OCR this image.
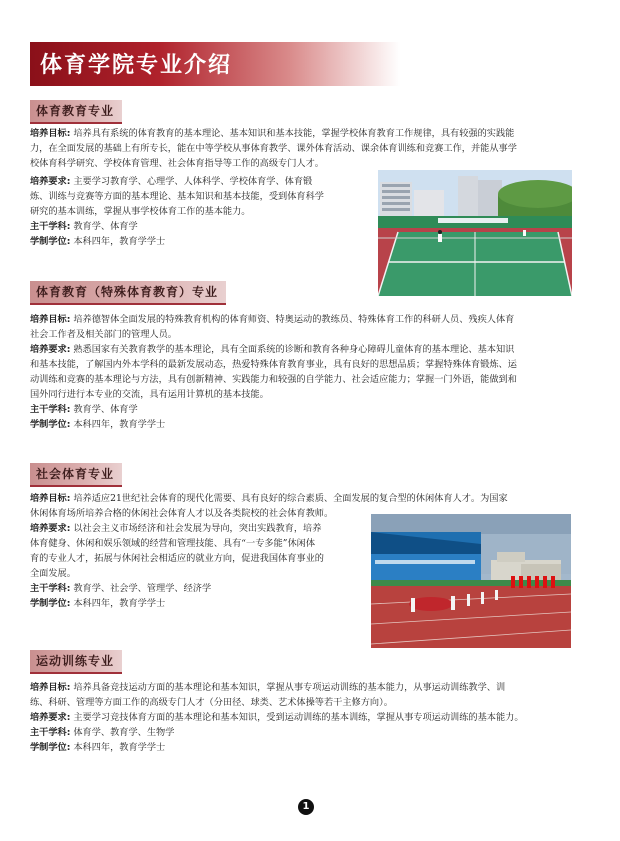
体育学院专业介绍
体育教育专业
培养目标: 培养具有系统的体育教育的基本理论、基本知识和基本技能，掌握学校体育教育工作规律，具有较强的实践能
力，在全面发展的基础上有所专长，能在中等学校从事体育教学、课外体育活动、课余体育训练和竞赛工作，并能从事学
校体育科学研究、学校体育管理、社会体育指导等工作的高级专门人才。
培养要求: 主要学习教育学、心理学、人体科学、学校体育学、体育锻
炼、训练与竞赛等方面的基本理论、基本知识和基本技能，受到体育科学
研究的基本训练，掌握从事学校体育工作的基本能力。
主干学科: 教育学、体育学
学制学位: 本科四年，教育学学士
体育教育（特殊体育教育）专业
培养目标: 培养德智体全面发展的特殊教育机构的体育师资、特奥运动的教练员、特殊体育工作的科研人员、残疾人体育
社会工作者及相关部门的管理人员。
培养要求: 熟悉国家有关教育教学的基本理论，具有全面系统的诊断和教育各种身心障碍儿童体育的基本理论、基本知识
和基本技能，了解国内外本学科的最新发展动态，热爱特殊体育教育事业，具有良好的思想品质；掌握特殊体育锻炼、运
动训练和竞赛的基本理论与方法，具有创新精神、实践能力和较强的自学能力、社会适应能力；掌握一门外语，能做到和
国外同行进行本专业的交流，具有运用计算机的基本技能。
主干学科: 教育学、体育学
学制学位: 本科四年，教育学学士
社会体育专业
培养目标: 培养适应21世纪社会体育的现代化需要、具有良好的综合素质、全面发展的复合型的休闲体育人才。为国家
休闲体育场所培养合格的休闲社会体育人才以及各类院校的社会体育教师。
培养要求: 以社会主义市场经济和社会发展为导向，突出实践教育，培养
体育健身、休闲和娱乐领域的经营和管理技能、具有“一专多能”休闲体
育的专业人才，拓展与休闲社会相适应的就业方向，促进我国体育事业的
全面发展。
主干学科: 教育学、社会学、管理学、经济学
学制学位: 本科四年，教育学学士
运动训练专业
培养目标: 培养具备竞技运动方面的基本理论和基本知识，掌握从事专项运动训练的基本能力，从事运动训练教学、训
练、科研、管理等方面工作的高级专门人才（分田径、球类、艺术体操等若干主修方向）。
培养要求: 主要学习竞技体育方面的基本理论和基本知识，受到运动训练的基本训练，掌握从事专项运动训练的基本能力。
主干学科: 体育学、教育学、生物学
学制学位: 本科四年，教育学学士
1
